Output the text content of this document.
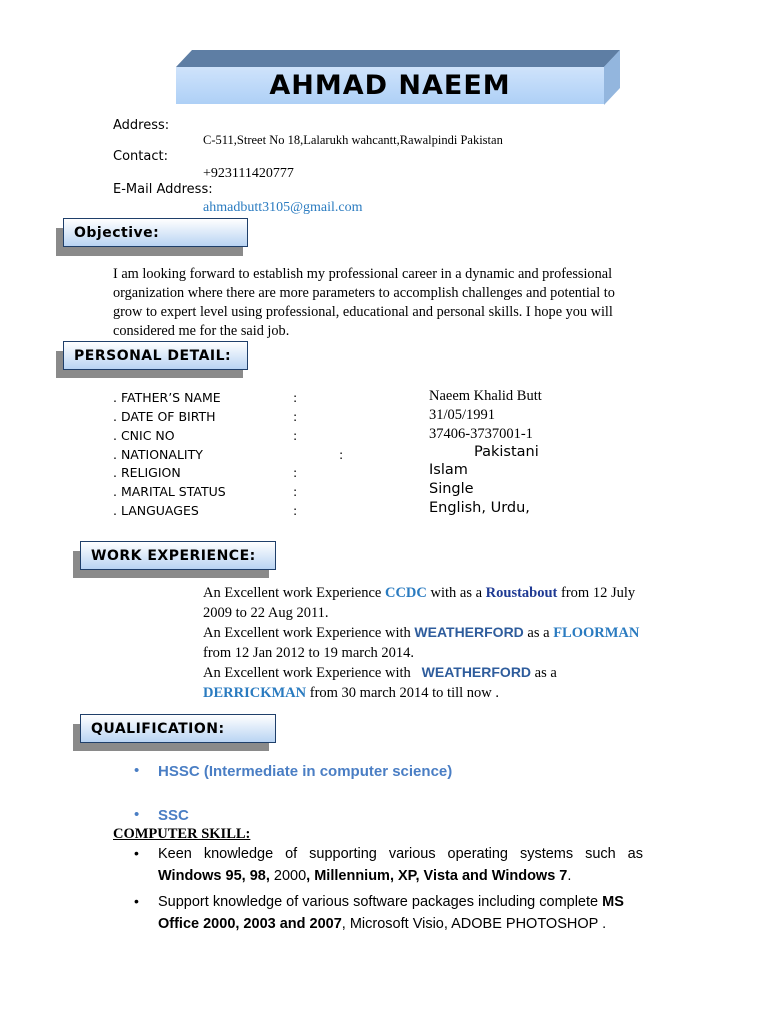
AHMAD NAEEM
Address:
C-511,Street No 18,Lalarukh wahcantt,Rawalpindi Pakistan
Contact:
+923111420777
E-Mail Address:
ahmadbutt3105@gmail.com
Objective:
I am looking forward to establish my professional career in a dynamic and professional organization where there are more parameters to accomplish challenges and potential to grow to expert level using professional, educational and personal skills. I hope you will considered me for the said job.
PERSONAL DETAIL:
. FATHER’S NAME	:	Naeem Khalid Butt
. DATE OF BIRTH	:	31/05/1991
. CNIC NO	:	37406-3737001-1
. NATIONALITY	:	Pakistani
. RELIGION	:	Islam
. MARITAL STATUS	:	Single
. LANGUAGES	:	English, Urdu,
WORK EXPERIENCE:
An Excellent work Experience CCDC with as a Roustabout from 12 July
2009 to 22 Aug 2011.
An Excellent work Experience with WEATHERFORD as a FLOORMAN
from 12 Jan 2012 to 19 march 2014.
An Excellent work Experience with   WEATHERFORD as a
DERRICKMAN from 30 march 2014 to till now .
QUALIFICATION:
• HSSC (Intermediate in computer science)
• SSC
COMPUTER SKILL:
• Keen knowledge of supporting various operating systems such as Windows 95, 98, 2000, Millennium, XP, Vista and Windows 7.
• Support knowledge of various software packages including complete MS Office 2000, 2003 and 2007, Microsoft Visio, ADOBE PHOTOSHOP .
